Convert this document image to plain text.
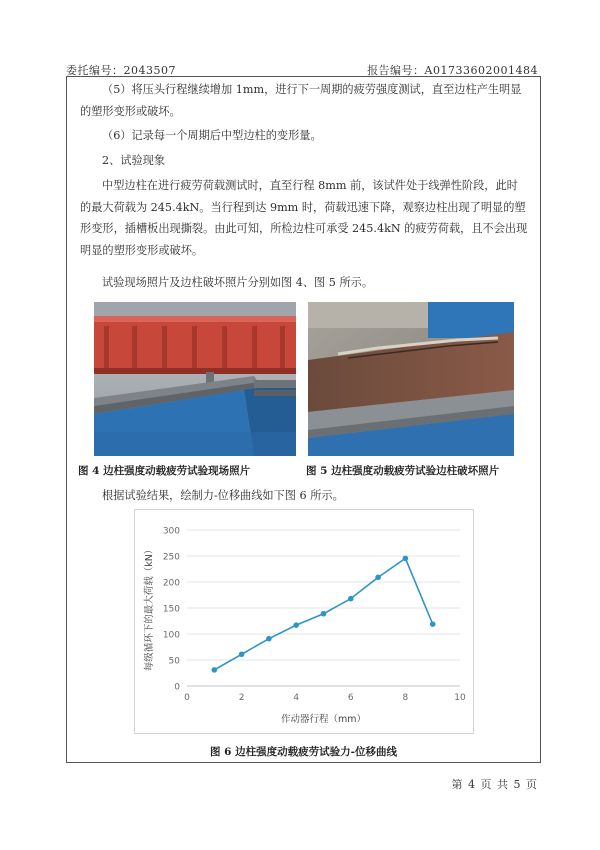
委托编号：2043507	报告编号：A01733602001484

（5）将压头行程继续增加 1mm，进行下一周期的疲劳强度测试，直至边柱产生明显的塑形变形或破坏。

（6）记录每一个周期后中型边柱的变形量。

2、试验现象

中型边柱在进行疲劳荷载测试时，直至行程 8mm 前，该试件处于线弹性阶段，此时的最大荷载为 245.4kN。当行程到达 9mm 时，荷载迅速下降，观察边柱出现了明显的塑形变形，插槽板出现撕裂。由此可知，所检边柱可承受 245.4kN 的疲劳荷载，且不会出现明显的塑形变形或破坏。

试验现场照片及边柱破坏照片分别如图 4、图 5 所示。

图 4 边柱强度动载疲劳试验现场照片	图 5 边柱强度动载疲劳试验边柱破坏照片

根据试验结果，绘制力-位移曲线如下图 6 所示。

0
50
100
150
200
250
300
0	2	4	6	8	10
作动器行程（mm）
每级循环下的最大荷载（kN）
图 6 边柱强度动载疲劳试验力-位移曲线
第 4 页 共 5 页
